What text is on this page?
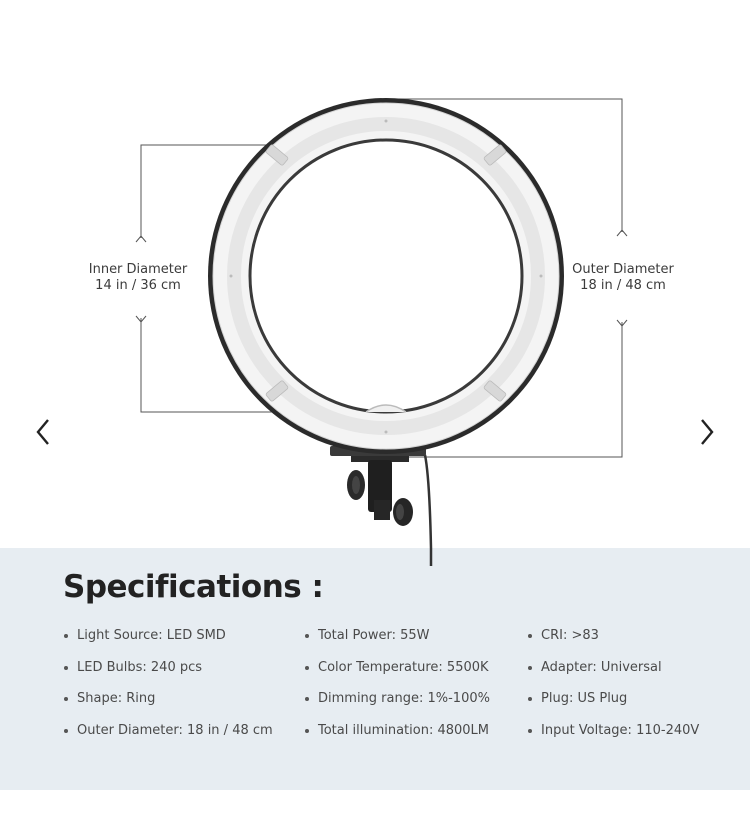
Inner Diameter
14 in / 36 cm
Outer Diameter
18 in / 48 cm
Specifications :
Light Source: LED SMD
LED Bulbs: 240 pcs
Shape: Ring
Outer Diameter: 18 in / 48 cm
Total Power: 55W
Color Temperature: 5500K
Dimming range: 1%-100%
Total illumination: 4800LM
CRI: >83
Adapter: Universal
Plug: US Plug
Input Voltage: 110-240V
